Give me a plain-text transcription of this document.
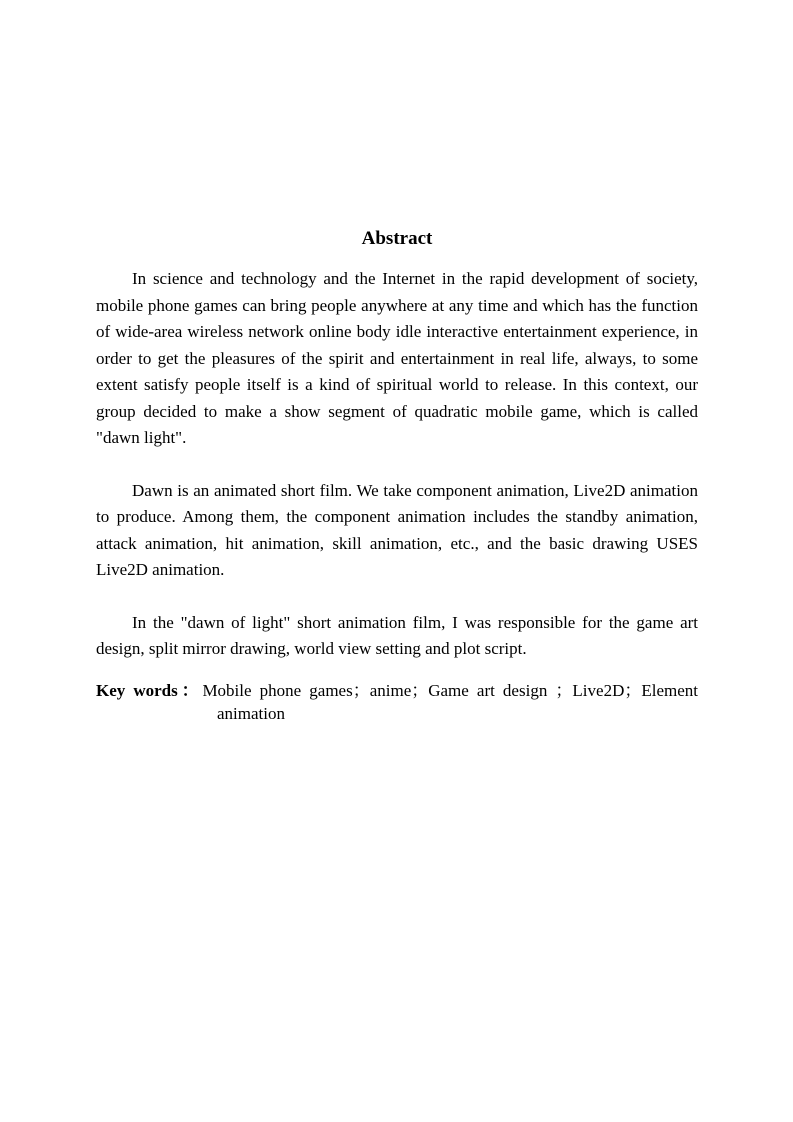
Abstract

In science and technology and the Internet in the rapid development of society, mobile phone games can bring people anywhere at any time and which has the function of wide-area wireless network online body idle interactive entertainment experience, in order to get the pleasures of the spirit and entertainment in real life, always, to some extent satisfy people itself is a kind of spiritual world to release. In this context, our group decided to make a show segment of quadratic mobile game, which is called "dawn light".

Dawn is an animated short film. We take component animation, Live2D animation to produce. Among them, the component animation includes the standby animation, attack animation, hit animation, skill animation, etc., and the basic drawing USES Live2D animation.

In the "dawn of light" short animation film, I was responsible for the game art design, split mirror drawing, world view setting and plot script.

Key words：Mobile phone games；anime；Game art design ；Live2D；Element animation
